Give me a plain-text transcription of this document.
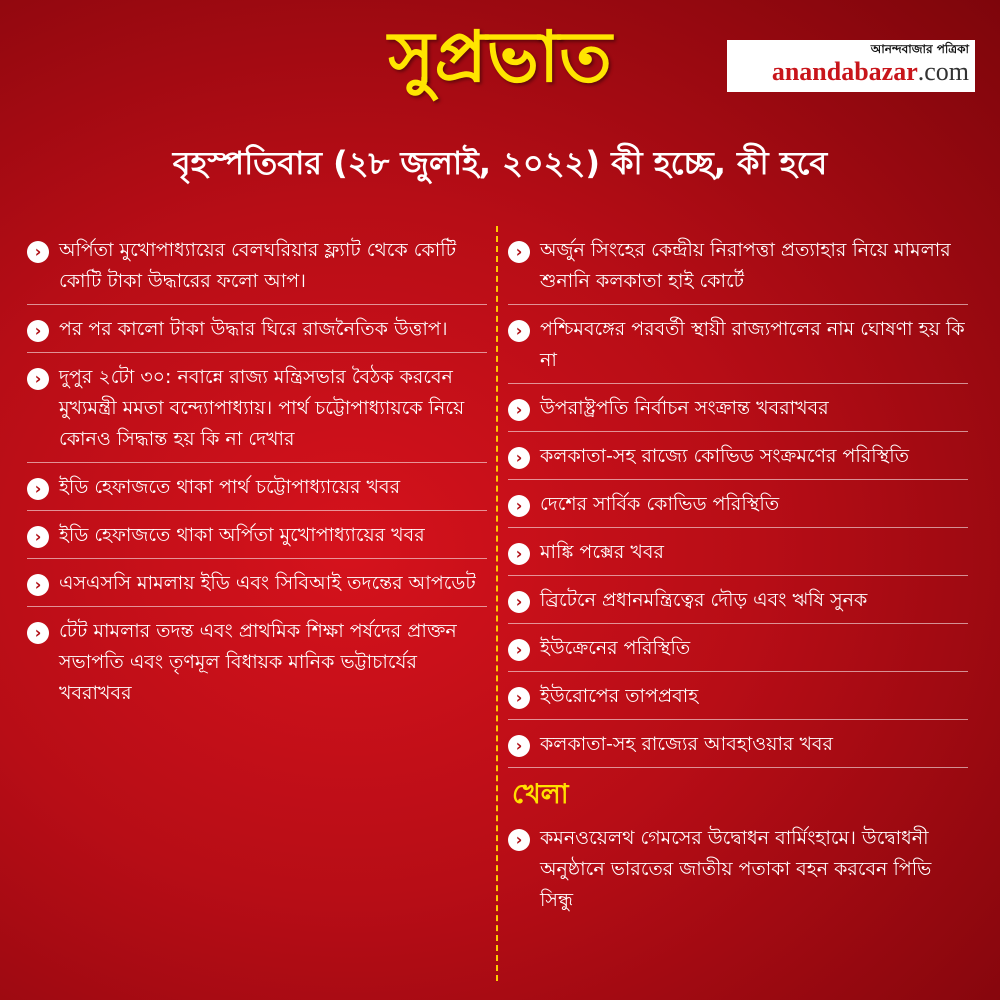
সুপ্রভাত	আনন্দবাজার পত্রিকা
anandabazar.com
বৃহস্পতিবার (২৮ জুলাই, ২০২২) কী হচ্ছে, কী হবে
› অর্পিতা মুখোপাধ্যায়ের বেলঘরিয়ার ফ্ল্যাট থেকে কোটি কোটি টাকা উদ্ধারের ফলো আপ।
› পর পর কালো টাকা উদ্ধার ঘিরে রাজনৈতিক উত্তাপ।
› দুপুর ২টো ৩০: নবান্নে রাজ্য মন্ত্রিসভার বৈঠক করবেন মুখ্যমন্ত্রী মমতা বন্দ্যোপাধ্যায়। পার্থ চট্টোপাধ্যায়কে নিয়ে কোনও সিদ্ধান্ত হয় কি না দেখার
› ইডি হেফাজতে থাকা পার্থ চট্টোপাধ্যায়ের খবর
› ইডি হেফাজতে থাকা অর্পিতা মুখোপাধ্যায়ের খবর
› এসএসসি মামলায় ইডি এবং সিবিআই তদন্তের আপডেট
› টেট মামলার তদন্ত এবং প্রাথমিক শিক্ষা পর্ষদের প্রাক্তন সভাপতি এবং তৃণমূল বিধায়ক মানিক ভট্টাচার্যের খবরাখবর
› অর্জুন সিংহের কেন্দ্রীয় নিরাপত্তা প্রত্যাহার নিয়ে মামলার শুনানি কলকাতা হাই কোর্টে
› পশ্চিমবঙ্গের পরবর্তী স্থায়ী রাজ্যপালের নাম ঘোষণা হয় কি না
› উপরাষ্ট্রপতি নির্বাচন সংক্রান্ত খবরাখবর
› কলকাতা-সহ রাজ্যে কোভিড সংক্রমণের পরিস্থিতি
› দেশের সার্বিক কোভিড পরিস্থিতি
› মাঙ্কি পক্সের খবর
› ব্রিটেনে প্রধানমন্ত্রিত্বের দৌড় এবং ঋষি সুনক
› ইউক্রেনের পরিস্থিতি
› ইউরোপের তাপপ্রবাহ
› কলকাতা-সহ রাজ্যের আবহাওয়ার খবর
খেলা
› কমনওয়েলথ গেমসের উদ্বোধন বার্মিংহামে। উদ্বোধনী অনুষ্ঠানে ভারতের জাতীয় পতাকা বহন করবেন পিভি সিন্ধু
